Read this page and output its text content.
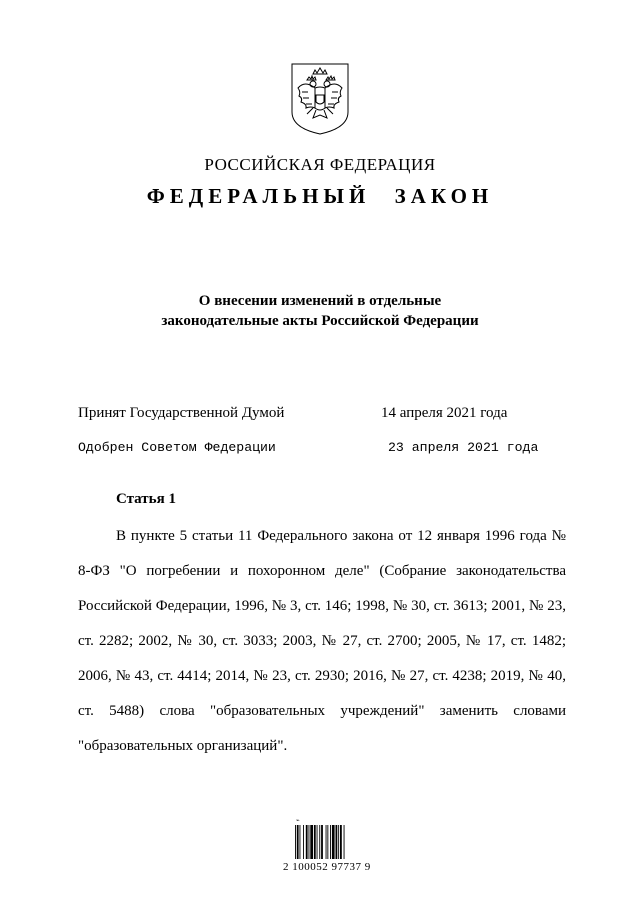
РОССИЙСКАЯ ФЕДЕРАЦИЯ
ФЕДЕРАЛЬНЫЙ ЗАКОН
О внесении изменений в отдельные
законодательные акты Российской Федерации
Принят Государственной Думой	14 апреля 2021 года
Одобрен Советом Федерации	23 апреля 2021 года
Статья 1
В пункте 5 статьи 11 Федерального закона от 12 января 1996 года № 8-ФЗ "О погребении и похоронном деле" (Собрание законодательства Российской Федерации, 1996, № 3, ст. 146; 1998, № 30, ст. 3613; 2001, № 23, ст. 2282; 2002, № 30, ст. 3033; 2003, № 27, ст. 2700; 2005, № 17, ст. 1482; 2006, № 43, ст. 4414; 2014, № 23, ст. 2930; 2016, № 27, ст. 4238; 2019, № 40, ст. 5488) слова "образовательных учреждений" заменить словами "образовательных организаций".
⌁
2 100052 97737 9
